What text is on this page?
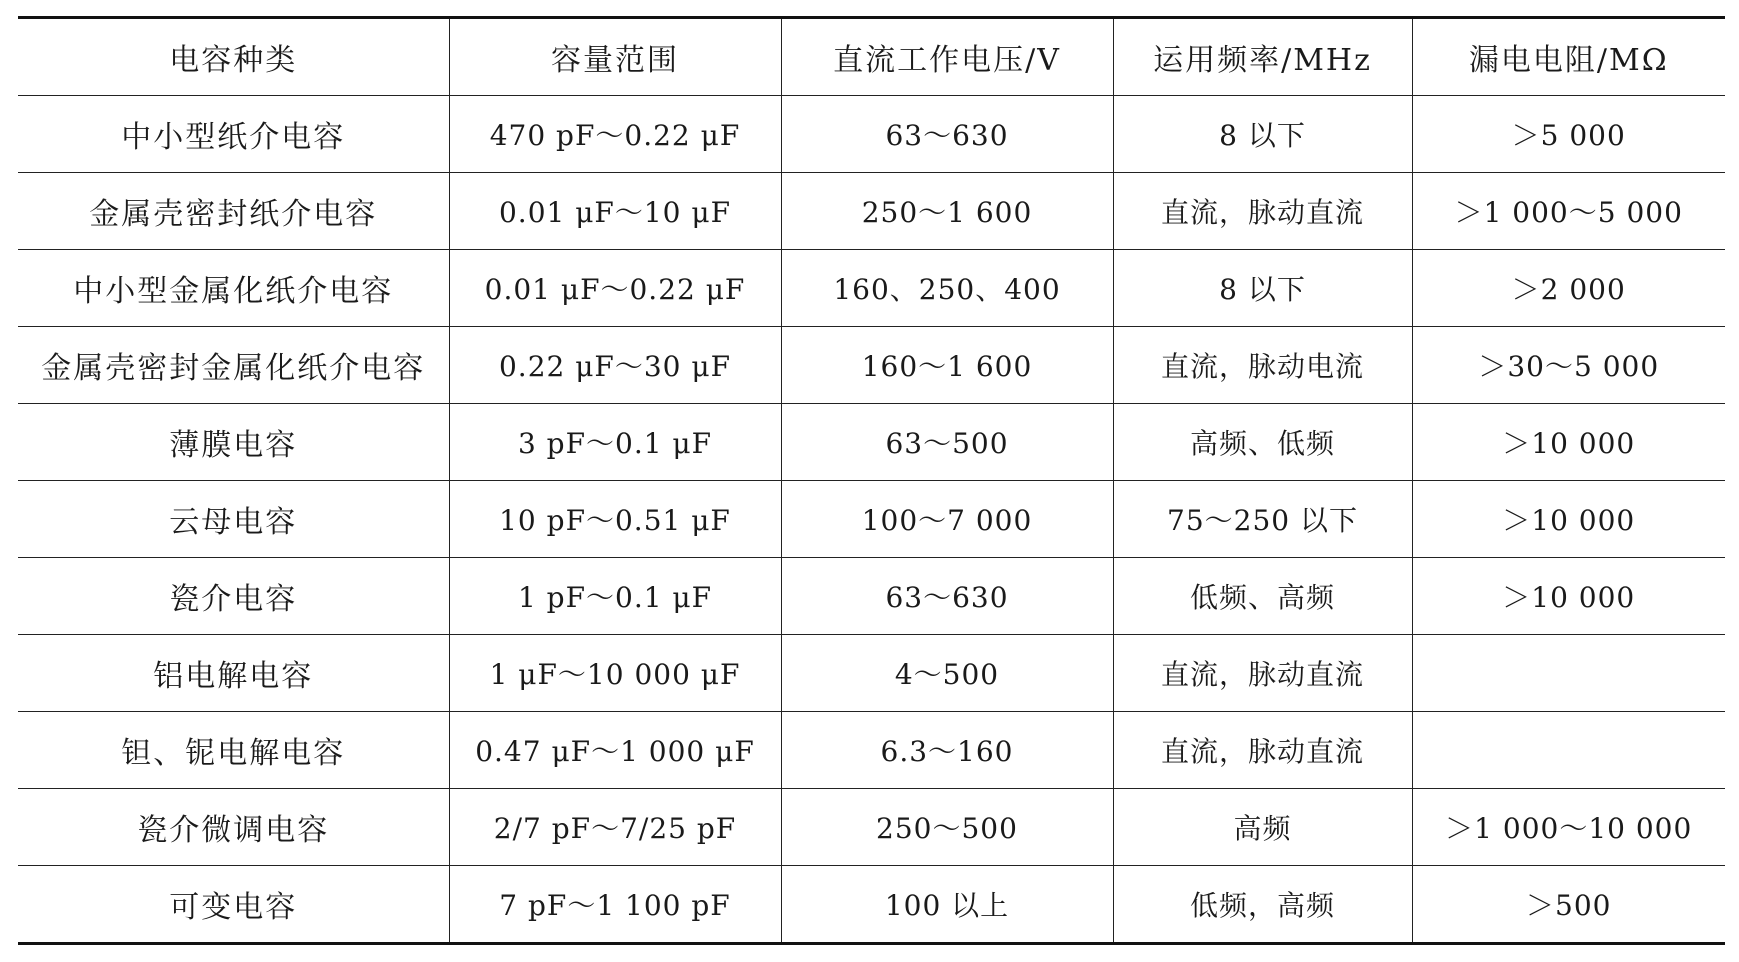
电容种类	容量范围	直流工作电压/V	运用频率/MHz	漏电电阻/MΩ
中小型纸介电容	470 pF～0.22 μF	63～630	8 以下	＞5 000
金属壳密封纸介电容	0.01 μF～10 μF	250～1 600	直流，脉动直流	＞1 000～5 000
中小型金属化纸介电容	0.01 μF～0.22 μF	160、250、400	8 以下	＞2 000
金属壳密封金属化纸介电容	0.22 μF～30 μF	160～1 600	直流，脉动电流	＞30～5 000
薄膜电容	3 pF～0.1 μF	63～500	高频、低频	＞10 000
云母电容	10 pF～0.51 μF	100～7 000	75～250 以下	＞10 000
瓷介电容	1 pF～0.1 μF	63～630	低频、高频	＞10 000
铝电解电容	1 μF～10 000 μF	4～500	直流，脉动直流	
钽、铌电解电容	0.47 μF～1 000 μF	6.3～160	直流，脉动直流	
瓷介微调电容	2/7 pF～7/25 pF	250～500	高频	＞1 000～10 000
可变电容	7 pF～1 100 pF	100 以上	低频，高频	＞500
